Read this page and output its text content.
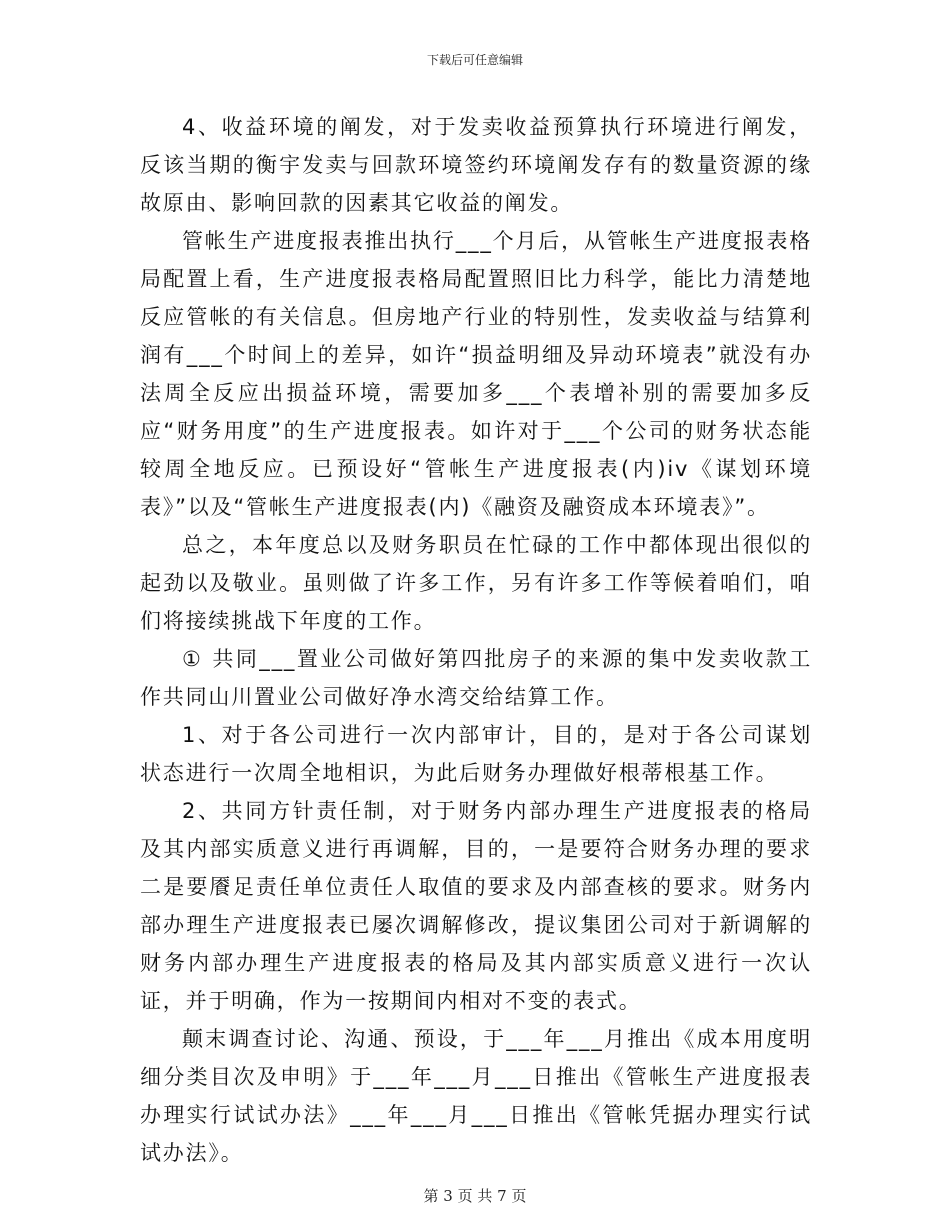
下载后可任意编辑

4、收益环境的阐发，对于发卖收益预算执行环境进行阐发，反该当期的衡宇发卖与回款环境签约环境阐发存有的数量资源的缘故原由、影响回款的因素其它收益的阐发。

管帐生产进度报表推出执行___个月后，从管帐生产进度报表格局配置上看，生产进度报表格局配置照旧比力科学，能比力清楚地反应管帐的有关信息。但房地产行业的特别性，发卖收益与结算利润有___个时间上的差异，如许“损益明细及异动环境表”就没有办法周全反应出损益环境，需要加多___个表增补别的需要加多反应“财务用度”的生产进度报表。如许对于___个公司的财务状态能较周全地反应。已预设好“管帐生产进度报表(内)iv《谋划环境表》”以及“管帐生产进度报表(内)《融资及融资成本环境表》”。

总之，本年度总以及财务职员在忙碌的工作中都体现出很似的起劲以及敬业。虽则做了许多工作，另有许多工作等候着咱们，咱们将接续挑战下年度的工作。

① 共同___置业公司做好第四批房子的来源的集中发卖收款工作共同山川置业公司做好净水湾交给结算工作。

1、对于各公司进行一次内部审计，目的，是对于各公司谋划状态进行一次周全地相识，为此后财务办理做好根蒂根基工作。

2、共同方针责任制，对于财务内部办理生产进度报表的格局及其内部实质意义进行再调解，目的，一是要符合财务办理的要求二是要餍足责任单位责任人取值的要求及内部查核的要求。财务内部办理生产进度报表已屡次调解修改，提议集团公司对于新调解的财务内部办理生产进度报表的格局及其内部实质意义进行一次认证，并于明确，作为一按期间内相对不变的表式。

颠末调查讨论、沟通、预设，于___年___月推出《成本用度明细分类目次及申明》于___年___月___日推出《管帐生产进度报表办理实行试试办法》___年___月___日推出《管帐凭据办理实行试试办法》。

第 3 页 共 7 页
